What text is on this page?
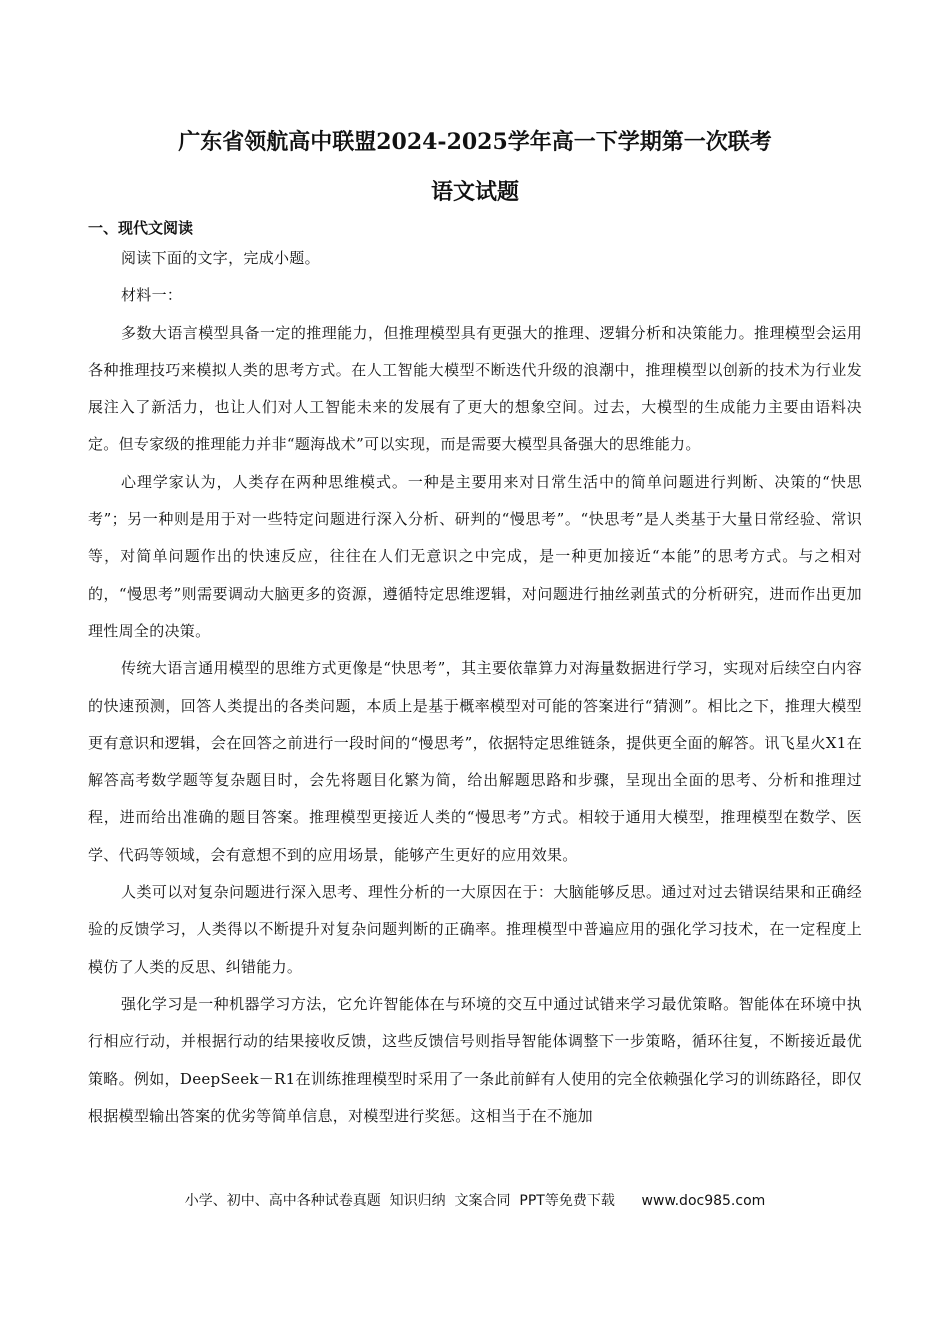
广东省领航高中联盟2024-2025学年高一下学期第一次联考
语文试题
一、现代文阅读

阅读下面的文字，完成小题。

材料一：

多数大语言模型具备一定的推理能力，但推理模型具有更强大的推理、逻辑分析和决策能力。推理模型会运用各种推理技巧来模拟人类的思考方式。在人工智能大模型不断迭代升级的浪潮中，推理模型以创新的技术为行业发展注入了新活力，也让人们对人工智能未来的发展有了更大的想象空间。过去，大模型的生成能力主要由语料决定。但专家级的推理能力并非“题海战术”可以实现，而是需要大模型具备强大的思维能力。

心理学家认为，人类存在两种思维模式。一种是主要用来对日常生活中的简单问题进行判断、决策的“快思考”；另一种则是用于对一些特定问题进行深入分析、研判的“慢思考”。“快思考”是人类基于大量日常经验、常识等，对简单问题作出的快速反应，往往在人们无意识之中完成，是一种更加接近“本能”的思考方式。与之相对的，“慢思考”则需要调动大脑更多的资源，遵循特定思维逻辑，对问题进行抽丝剥茧式的分析研究，进而作出更加理性周全的决策。

传统大语言通用模型的思维方式更像是“快思考”，其主要依靠算力对海量数据进行学习，实现对后续空白内容的快速预测，回答人类提出的各类问题，本质上是基于概率模型对可能的答案进行“猜测”。相比之下，推理大模型更有意识和逻辑，会在回答之前进行一段时间的“慢思考”，依据特定思维链条，提供更全面的解答。讯飞星火X1在解答高考数学题等复杂题目时，会先将题目化繁为简，给出解题思路和步骤，呈现出全面的思考、分析和推理过程，进而给出准确的题目答案。推理模型更接近人类的“慢思考”方式。相较于通用大模型，推理模型在数学、医学、代码等领域，会有意想不到的应用场景，能够产生更好的应用效果。

人类可以对复杂问题进行深入思考、理性分析的一大原因在于：大脑能够反思。通过对过去错误结果和正确经验的反馈学习，人类得以不断提升对复杂问题判断的正确率。推理模型中普遍应用的强化学习技术，在一定程度上模仿了人类的反思、纠错能力。

强化学习是一种机器学习方法，它允许智能体在与环境的交互中通过试错来学习最优策略。智能体在环境中执行相应行动，并根据行动的结果接收反馈，这些反馈信号则指导智能体调整下一步策略，循环往复，不断接近最优策略。例如，DeepSeek－R1在训练推理模型时采用了一条此前鲜有人使用的完全依赖强化学习的训练路径，即仅根据模型输出答案的优劣等简单信息，对模型进行奖惩。这相当于在不施加

小学、初中、高中各种试卷真题  知识归纳  文案合同  PPT等免费下载      www.doc985.com
